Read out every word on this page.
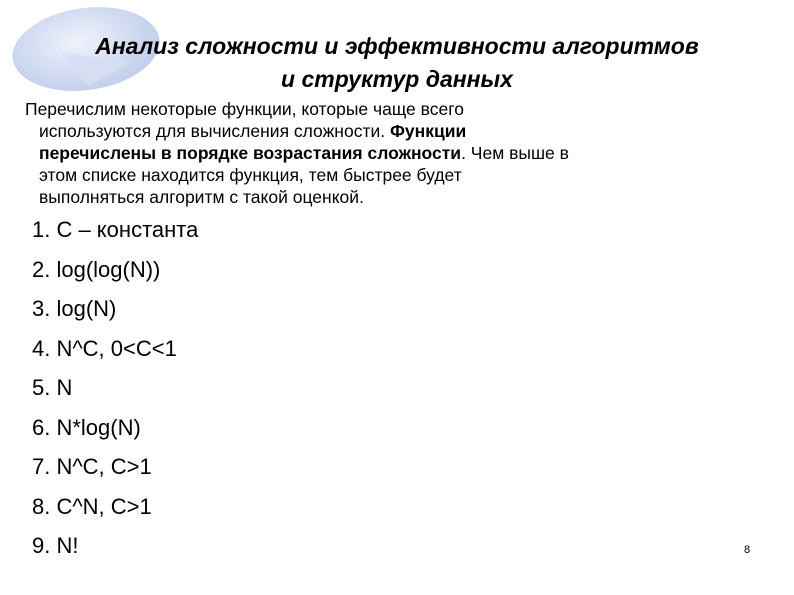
Анализ сложности и эффективности алгоритмов
и структур данных
Перечислим некоторые функции, которые чаще всего
используются для вычисления сложности. Функции
перечислены в порядке возрастания сложности. Чем выше в
этом списке находится функция, тем быстрее будет
выполняться алгоритм с такой оценкой.
1. C – константа
2. log(log(N))
3. log(N)
4. N^C, 0<C<1
5. N
6. N*log(N)
7. N^C, C>1
8. C^N, C>1
9. N!	8
